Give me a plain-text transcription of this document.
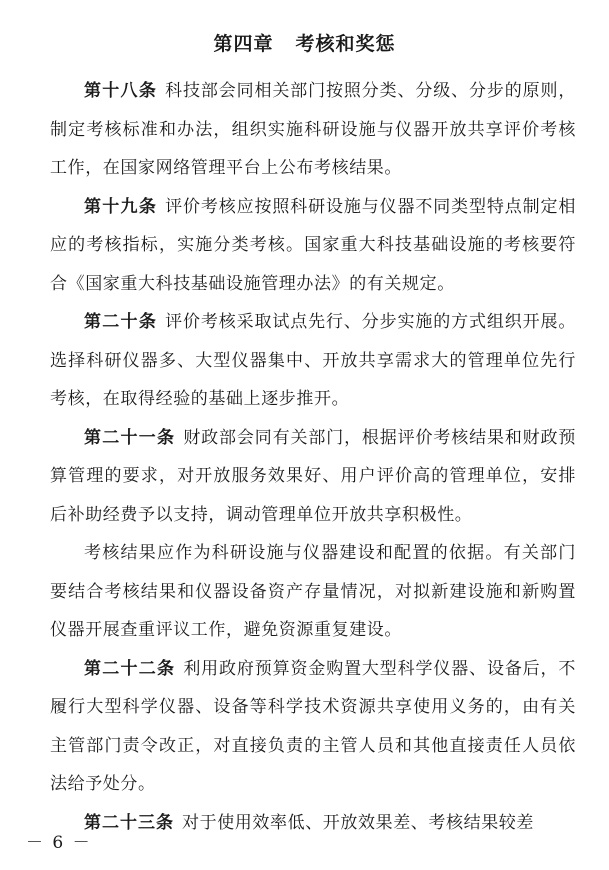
第四章 考核和奖惩

第十八条 科技部会同相关部门按照分类、分级、分步的原则，制定考核标准和办法，组织实施科研设施与仪器开放共享评价考核工作，在国家网络管理平台上公布考核结果。

第十九条 评价考核应按照科研设施与仪器不同类型特点制定相应的考核指标，实施分类考核。国家重大科技基础设施的考核要符合《国家重大科技基础设施管理办法》的有关规定。

第二十条 评价考核采取试点先行、分步实施的方式组织开展。选择科研仪器多、大型仪器集中、开放共享需求大的管理单位先行考核，在取得经验的基础上逐步推开。

第二十一条 财政部会同有关部门，根据评价考核结果和财政预算管理的要求，对开放服务效果好、用户评价高的管理单位，安排后补助经费予以支持，调动管理单位开放共享积极性。

考核结果应作为科研设施与仪器建设和配置的依据。有关部门要结合考核结果和仪器设备资产存量情况，对拟新建设施和新购置仪器开展查重评议工作，避免资源重复建设。

第二十二条 利用政府预算资金购置大型科学仪器、设备后，不履行大型科学仪器、设备等科学技术资源共享使用义务的，由有关主管部门责令改正，对直接负责的主管人员和其他直接责任人员依法给予处分。

第二十三条 对于使用效率低、开放效果差、考核结果较差

－ 6 －
